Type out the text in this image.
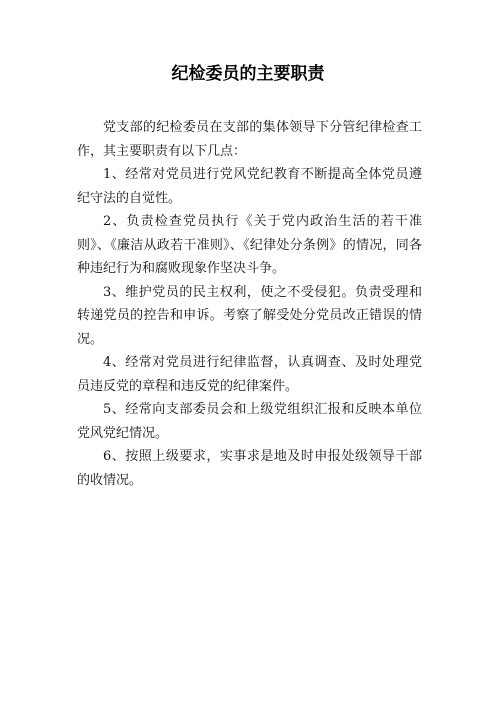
纪检委员的主要职责

党支部的纪检委员在支部的集体领导下分管纪律检查工作，其主要职责有以下几点：

1、经常对党员进行党风党纪教育不断提高全体党员遵纪守法的自觉性。

2、负责检查党员执行《关于党内政治生活的若干准则》、《廉洁从政若干准则》、《纪律处分条例》的情况，同各种违纪行为和腐败现象作坚决斗争。

3、维护党员的民主权利，使之不受侵犯。负责受理和转递党员的控告和申诉。考察了解受处分党员改正错误的情况。

4、经常对党员进行纪律监督，认真调查、及时处理党员违反党的章程和违反党的纪律案件。

5、经常向支部委员会和上级党组织汇报和反映本单位党风党纪情况。

6、按照上级要求，实事求是地及时申报处级领导干部的收情况。
